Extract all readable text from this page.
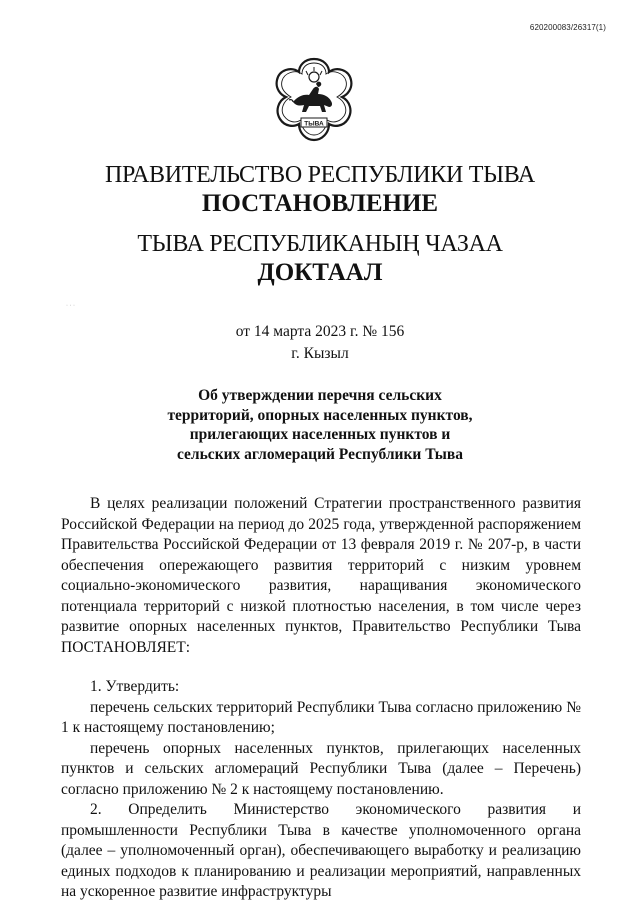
620200083/26317(1)
ТЫВА
ПРАВИТЕЛЬСТВО РЕСПУБЛИКИ ТЫВА
ПОСТАНОВЛЕНИЕ
ТЫВА РЕСПУБЛИКАНЫҢ ЧАЗАА
ДОКТААЛ
· · ·
от 14 марта 2023 г. № 156
г. Кызыл
Об утверждении перечня сельских
территорий, опорных населенных пунктов,
прилегающих населенных пунктов и
сельских агломераций Республики Тыва

В целях реализации положений Стратегии пространственного развития Российской Федерации на период до 2025 года, утвержденной распоряжением Правительства Российской Федерации от 13 февраля 2019 г. № 207-р, в части обеспечения опережающего развития территорий с низким уровнем социально-экономического развития, наращивания экономического потенциала территорий с низкой плотностью населения, в том числе через развитие опорных населенных пунктов, Правительство Республики Тыва ПОСТАНОВЛЯЕТ:

1. Утвердить:

перечень сельских территорий Республики Тыва согласно приложению № 1 к настоящему постановлению;

перечень опорных населенных пунктов, прилегающих населенных пунктов и сельских агломераций Республики Тыва (далее – Перечень) согласно приложению № 2 к настоящему постановлению.

2. Определить Министерство экономического развития и промышленности Республики Тыва в качестве уполномоченного органа (далее – уполномоченный орган), обеспечивающего выработку и реализацию единых подходов к планированию и реализации мероприятий, направленных на ускоренное развитие инфраструктуры
